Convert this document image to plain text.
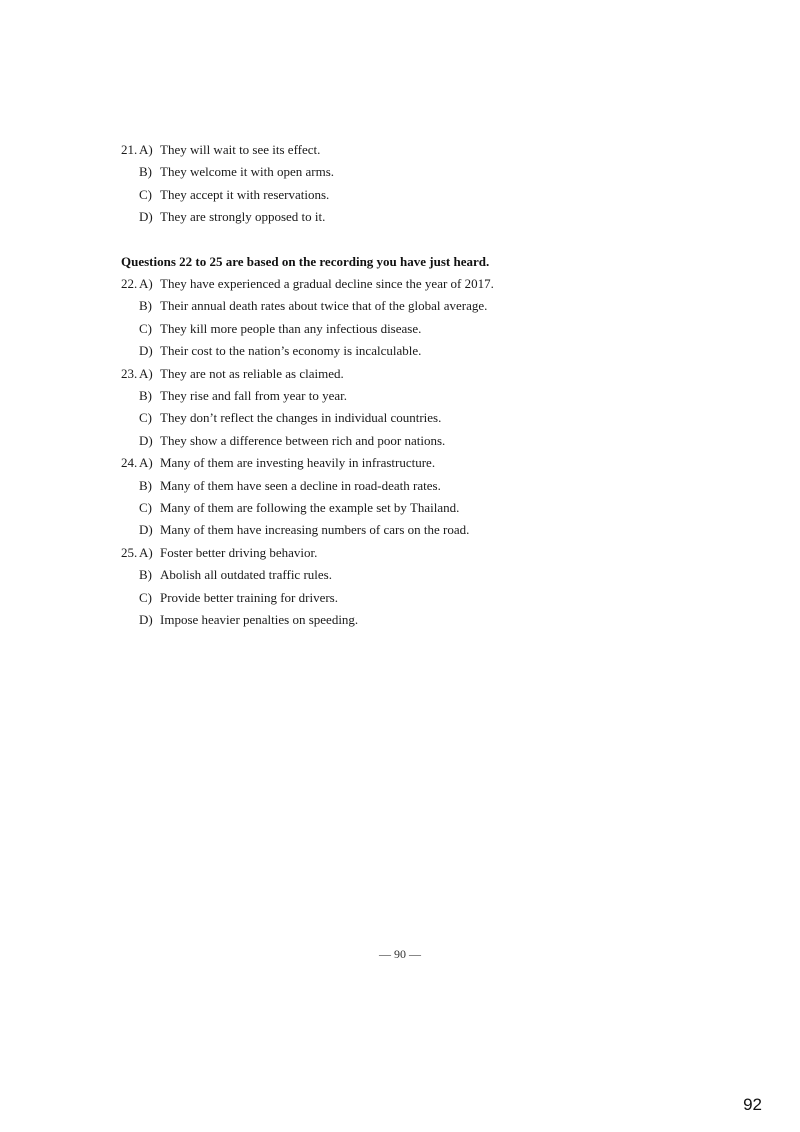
21. A) They will wait to see its effect.
B) They welcome it with open arms.
C) They accept it with reservations.
D) They are strongly opposed to it.
Questions 22 to 25 are based on the recording you have just heard.
22. A) They have experienced a gradual decline since the year of 2017.
B) Their annual death rates about twice that of the global average.
C) They kill more people than any infectious disease.
D) Their cost to the nation’s economy is incalculable.
23. A) They are not as reliable as claimed.
B) They rise and fall from year to year.
C) They don’t reflect the changes in individual countries.
D) They show a difference between rich and poor nations.
24. A) Many of them are investing heavily in infrastructure.
B) Many of them have seen a decline in road-death rates.
C) Many of them are following the example set by Thailand.
D) Many of them have increasing numbers of cars on the road.
25. A) Foster better driving behavior.
B) Abolish all outdated traffic rules.
C) Provide better training for drivers.
D) Impose heavier penalties on speeding.
— 90 —
92
